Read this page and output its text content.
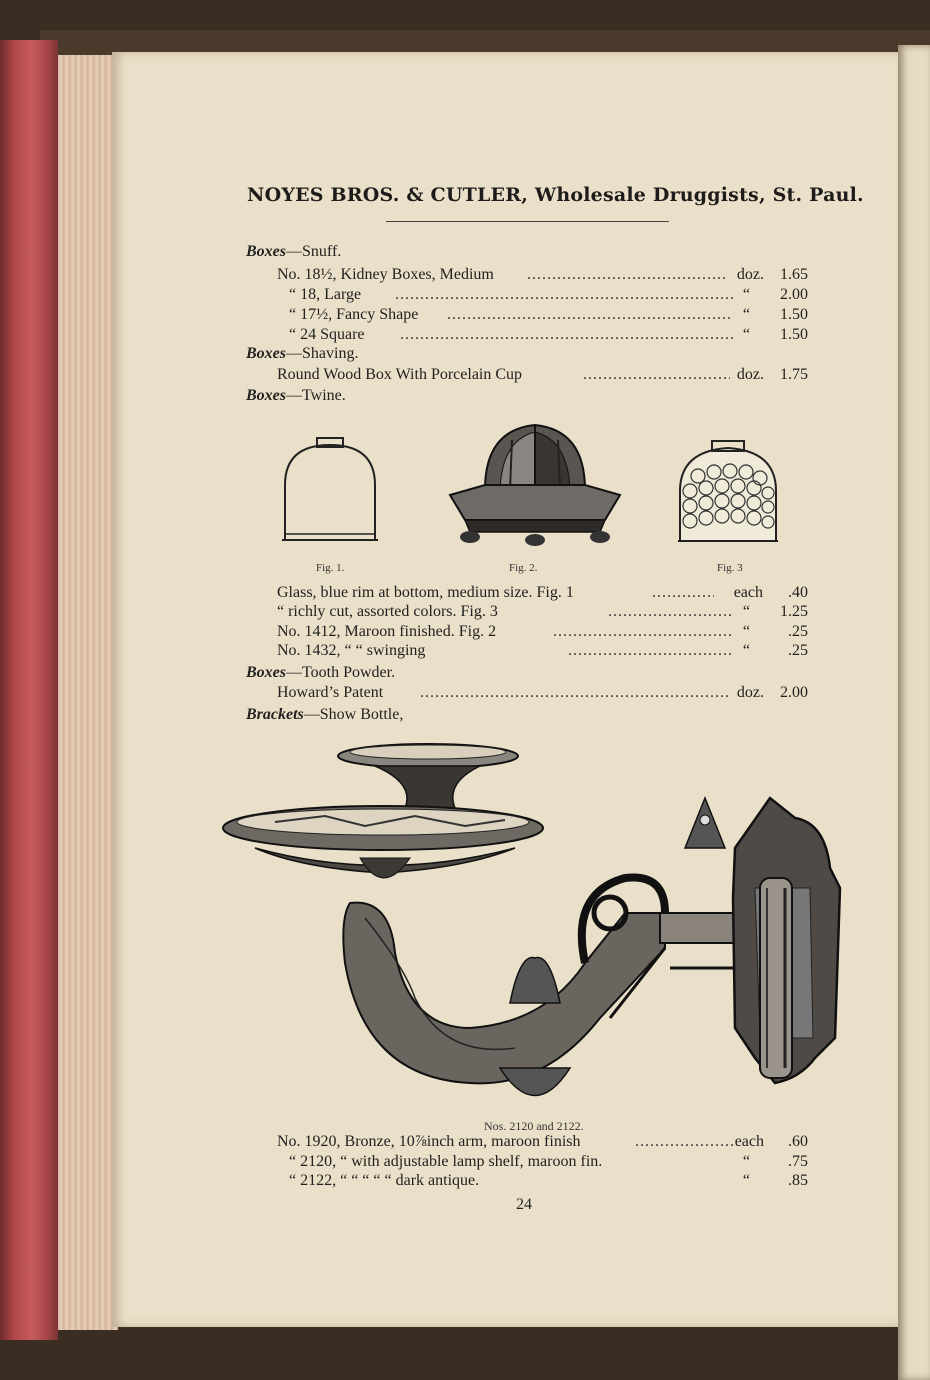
NOYES BROS. & CUTLER, Wholesale Druggists, St. Paul.
Boxes—Snuff.
No. 18½, Kidney Boxes, Medium .....	doz.	1.65
“ 18, Large .....	“	2.00
“ 17½, Fancy Shape .....	“	1.50
“ 24 Square .....	“	1.50
Boxes—Shaving.
Round Wood Box With Porcelain Cup .....	doz.	1.75
Boxes—Twine.
Fig. 1.	Fig. 2.	Fig. 3
Glass, blue rim at bottom, medium size. Fig. 1 .....	each	.40
“ richly cut, assorted colors. Fig. 3 .....	“	1.25
No. 1412, Maroon finished. Fig. 2 .....	“	.25
No. 1432, “ “ swinging .....	“	.25
Boxes—Tooth Powder.
Howard’s Patent .....	doz.	2.00
Brackets—Show Bottle,
Nos. 2120 and 2122.
No. 1920, Bronze, 10⅞inch arm, maroon finish .....	each	.60
“ 2120, “ with adjustable lamp shelf, maroon fin.	“	.75
“ 2122, “ “ “ “ “ dark antique.	“	.85
24
